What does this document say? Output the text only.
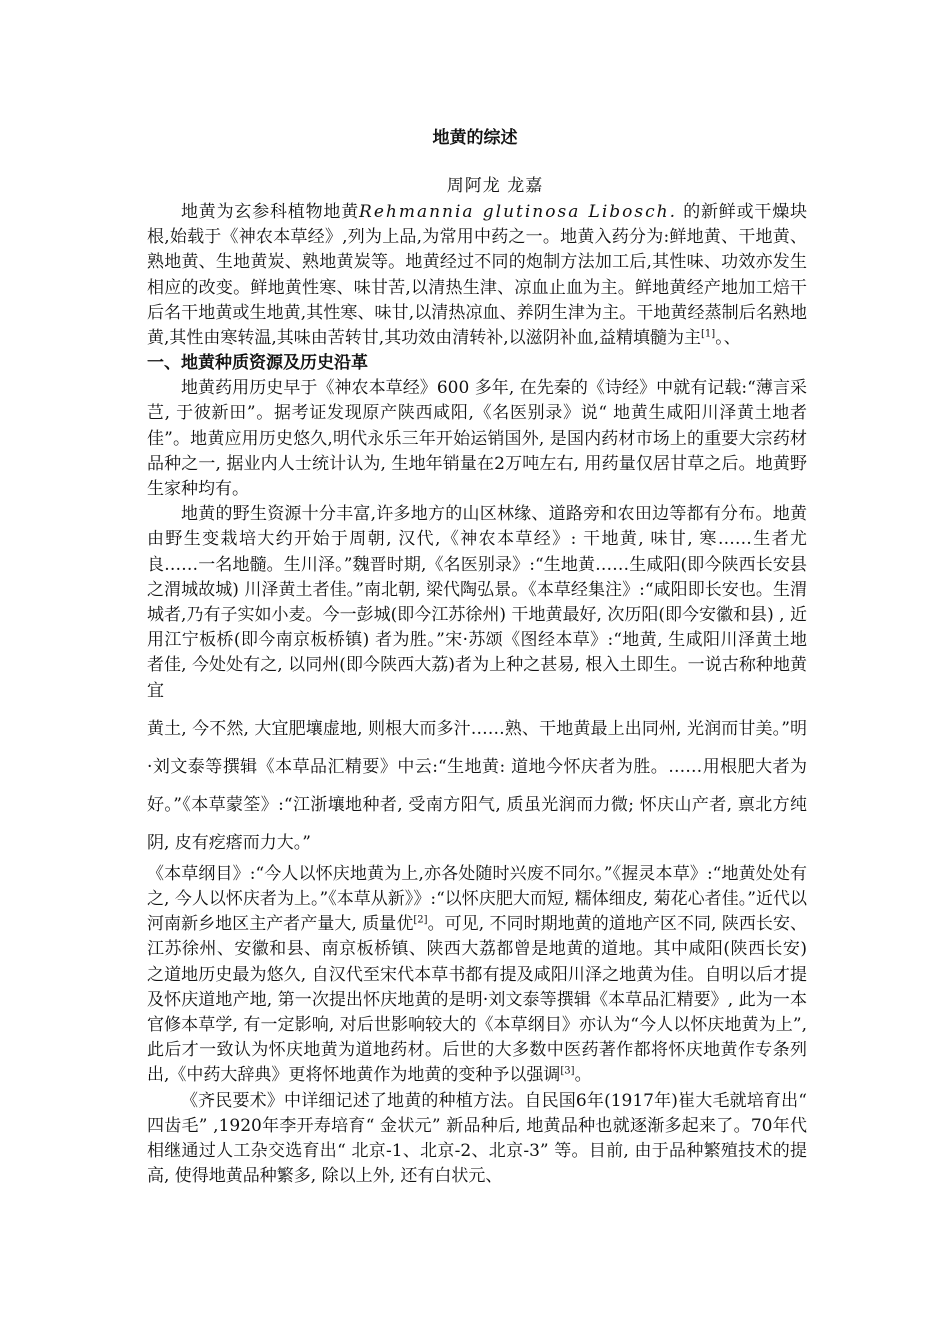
地黄的综述
周阿龙 龙嘉

地黄为玄参科植物地黄Rehmannia glutinosa Libosch. 的新鲜或干燥块根,始载于《神农本草经》,列为上品,为常用中药之一。地黄入药分为:鲜地黄、干地黄、熟地黄、生地黄炭、熟地黄炭等。地黄经过不同的炮制方法加工后,其性味、功效亦发生相应的改变。鲜地黄性寒、味甘苦,以清热生津、凉血止血为主。鲜地黄经产地加工焙干后名干地黄或生地黄,其性寒、味甘,以清热凉血、养阴生津为主。干地黄经蒸制后名熟地黄,其性由寒转温,其味由苦转甘,其功效由清转补,以滋阴补血,益精填髓为主[1]。、

一、地黄种质资源及历史沿革

地黄药用历史早于《神农本草经》600 多年, 在先秦的《诗经》中就有记载:“薄言采芑, 于彼新田”。据考证发现原产陕西咸阳,《名医别录》说“ 地黄生咸阳川泽黄土地者佳”。地黄应用历史悠久,明代永乐三年开始运销国外, 是国内药材市场上的重要大宗药材品种之一, 据业内人士统计认为, 生地年销量在2万吨左右, 用药量仅居甘草之后。地黄野生家种均有。

地黄的野生资源十分丰富,许多地方的山区林缘、道路旁和农田边等都有分布。地黄由野生变栽培大约开始于周朝, 汉代,《神农本草经》: 干地黄, 味甘, 寒……生者尤良……一名地髓。生川泽。”魏晋时期,《名医别录》:“生地黄……生咸阳(即今陕西长安县之渭城故城) 川泽黄土者佳。”南北朝, 梁代陶弘景。《本草经集注》:“咸阳即长安也。生渭城者,乃有子实如小麦。今一彭城(即今江苏徐州) 干地黄最好, 次历阳(即今安徽和县) , 近用江宁板桥(即今南京板桥镇) 者为胜。”宋·苏颂《图经本草》:“地黄, 生咸阳川泽黄土地者佳, 今处处有之, 以同州(即今陕西大荔)者为上种之甚易, 根入土即生。一说古称种地黄宜

黄土, 今不然, 大宜肥壤虚地, 则根大而多汁……熟、干地黄最上出同州, 光润而甘美。”明·刘文泰等撰辑《本草品汇精要》中云:“生地黄: 道地今怀庆者为胜。……用根肥大者为好。”《本草蒙筌》:“江浙壤地种者, 受南方阳气, 质虽光润而力微; 怀庆山产者, 禀北方纯阴, 皮有疙瘩而力大。”
《本草纲目》:“今人以怀庆地黄为上,亦各处随时兴废不同尔。”《握灵本草》:“地黄处处有之, 今人以怀庆者为上。”《本草从新》》:“以怀庆肥大而短, 糯体细皮, 菊花心者佳。”近代以河南新乡地区主产者产量大, 质量优[2]。可见, 不同时期地黄的道地产区不同, 陕西长安、江苏徐州、安徽和县、南京板桥镇、陕西大荔都曾是地黄的道地。其中咸阳(陕西长安) 之道地历史最为悠久, 自汉代至宋代本草书都有提及咸阳川泽之地黄为佳。自明以后才提及怀庆道地产地, 第一次提出怀庆地黄的是明·刘文泰等撰辑《本草品汇精要》, 此为一本官修本草学, 有一定影响, 对后世影响较大的《本草纲目》亦认为“今人以怀庆地黄为上”, 此后才一致认为怀庆地黄为道地药材。后世的大多数中医药著作都将怀庆地黄作专条列出,《中药大辞典》更将怀地黄作为地黄的变种予以强调[3]。

《齐民要术》中详细记述了地黄的种植方法。自民国6年(1917年)崔大毛就培育出“ 四齿毛” ,1920年李开寿培育“ 金状元” 新品种后, 地黄品种也就逐渐多起来了。70年代相继通过人工杂交选育出“ 北京-1、北京-2、北京-3” 等。目前, 由于品种繁殖技术的提高, 使得地黄品种繁多, 除以上外, 还有白状元、
